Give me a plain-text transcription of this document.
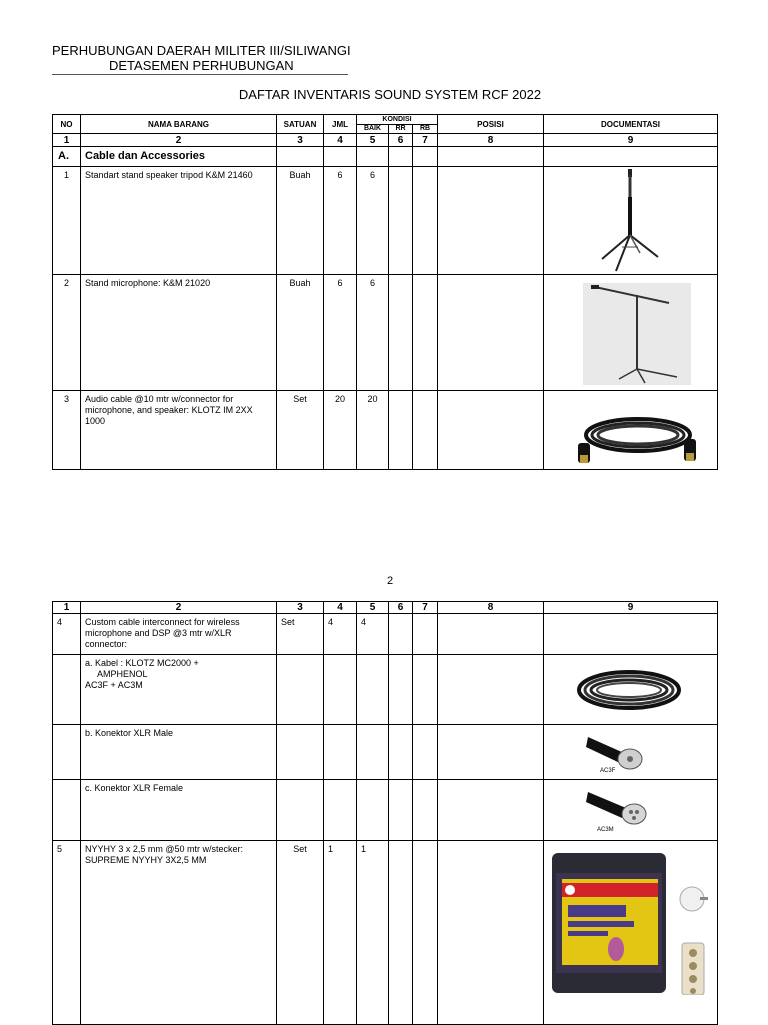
PERHUBUNGAN DAERAH MILITER III/SILIWANGI
DETASEMEN PERHUBUNGAN
DAFTAR INVENTARIS SOUND SYSTEM RCF 2022
NO	NAMA BARANG	SATUAN	JML	KONDISI			POSISI	DOCUMENTASI
				BAIK	RR	RB		
1	2	3	4	5	6	7	8	9
A.	Cable dan Accessories							
1	Standart stand speaker tripod K&M 21460	Buah	6	6				

2	Stand microphone: K&M 21020	Buah	6	6				

3	Audio cable @10 mtr w/connector for microphone, and speaker: KLOTZ IM 2XX 1000	Set	20	20				
2
1	2	3	4	5	6	7	8	9
4	Custom cable interconnect for wireless microphone and DSP @3 mtr w/XLR connector:	Set	4	4				

	a. Kabel : KLOTZ MC2000 +
AMPHENOL
AC3F + AC3M

	b. Konektor XLR Male							AC3F

	c. Konektor XLR Female							AC3M

5	NYYHY 3 x 2,5 mm @50 mtr w/stecker: SUPREME NYYHY 3X2,5 MM	Set	1	1				
